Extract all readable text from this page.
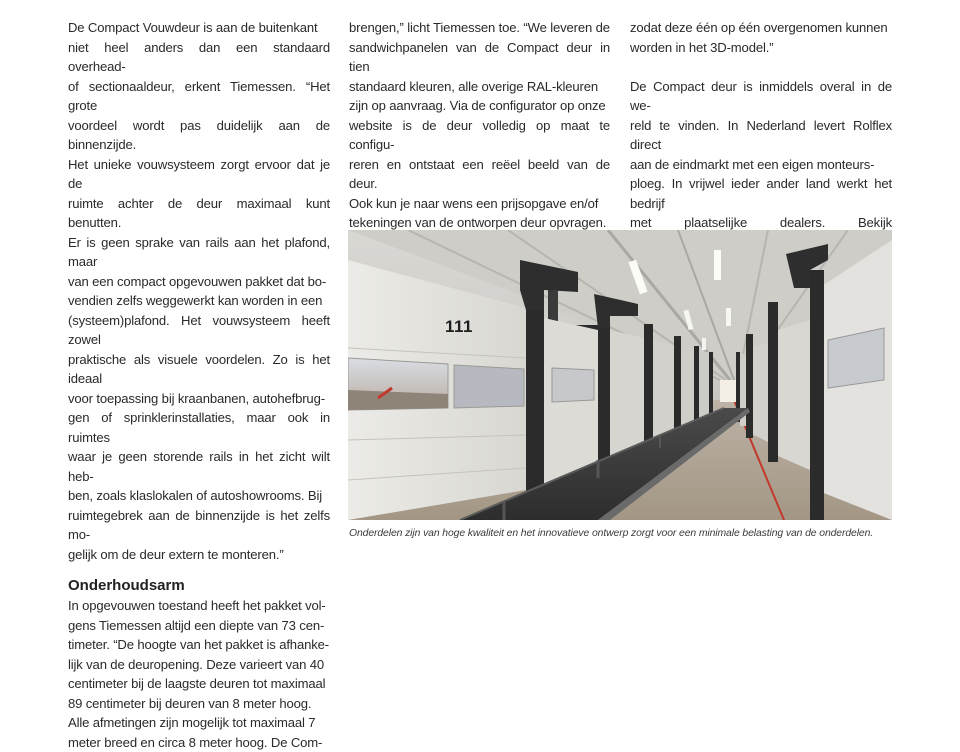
De Compact Vouwdeur is aan de buitenkant

niet heel anders dan een standaard overhead-

of sectionaaldeur, erkent Tiemessen. “Het grote

voordeel wordt pas duidelijk aan de binnenzijde.

Het unieke vouwsysteem zorgt ervoor dat je de

ruimte achter de deur maximaal kunt benutten.

Er is geen sprake van rails aan het plafond, maar

van een compact opgevouwen pakket dat bo-

vendien zelfs weggewerkt kan worden in een

(systeem)plafond. Het vouwsysteem heeft zowel

praktische als visuele voordelen. Zo is het ideaal

voor toepassing bij kraanbanen, autohefbrug-

gen of sprinklerinstallaties, maar ook in ruimtes

waar je geen storende rails in het zicht wilt heb-

ben, zoals klaslokalen of autoshowrooms. Bij

ruimtegebrek aan de binnenzijde is het zelfs mo-

gelijk om de deur extern te monteren.”

Onderhoudsarm

In opgevouwen toestand heeft het pakket vol-

gens Tiemessen altijd een diepte van 73 cen-

timeter. “De hoogte van het pakket is afhanke-

lijk van de deuropening. Deze varieert van 40

centimeter bij de laagste deuren tot maximaal

89 centimeter bij deuren van 8 meter hoog.

Alle afmetingen zijn mogelijk tot maximaal 7

meter breed en circa 8 meter hoog. De Com-

brengen,” licht Tiemessen toe. “We leveren de

sandwichpanelen van de Compact deur in tien

standaard kleuren, alle overige RAL-kleuren

zijn op aanvraag. Via de configurator op onze

website is de deur volledig op maat te configu-

reren en ontstaat een reëel beeld van de deur.

Ook kun je naar wens een prijsopgave en/of

tekeningen van de ontworpen deur opvragen.

zodat deze één op één overgenomen kunnen

worden in het 3D-model.”

De Compact deur is inmiddels overal in de we-

reld te vinden. In Nederland levert Rolflex direct

aan de eindmarkt met een eigen monteurs-

ploeg. In vrijwel ieder ander land werkt het bedrijf

met plaatselijke dealers. Bekijk

111
Onderdelen zijn van hoge kwaliteit en het innovatieve ontwerp zorgt voor een minimale belasting van de onderdelen.
